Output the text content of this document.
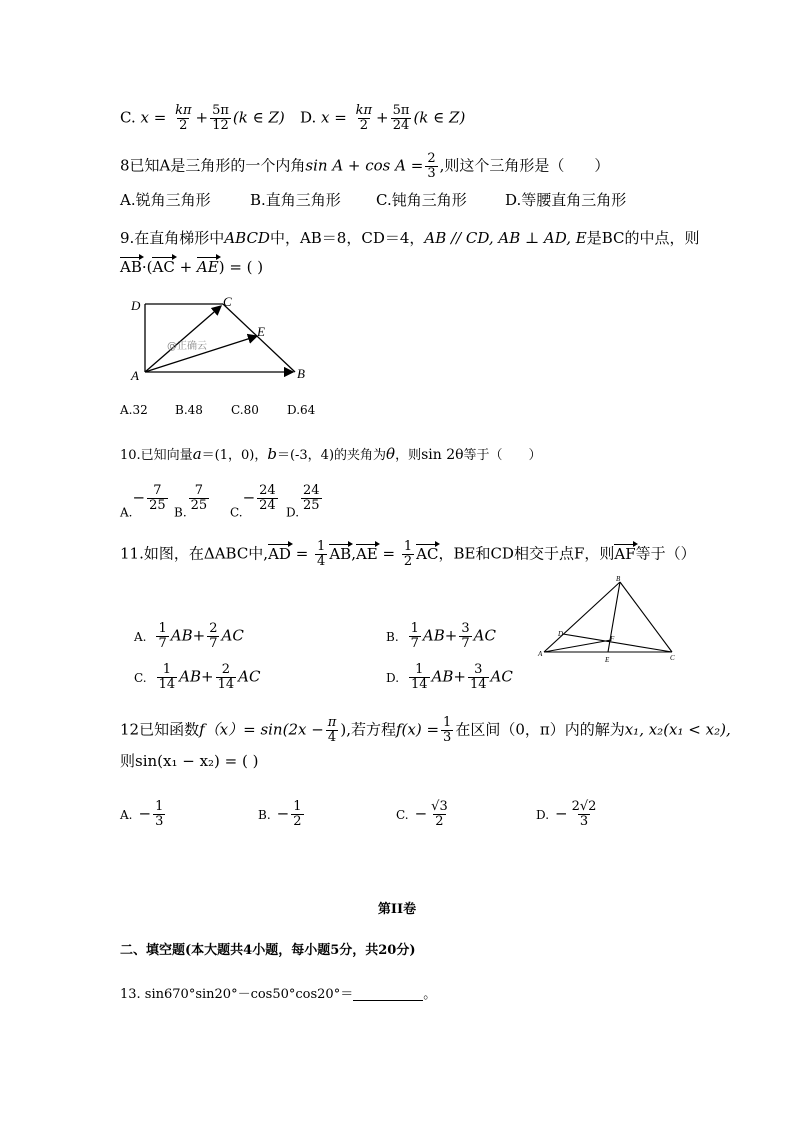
C. $x = \frac{k\pi}{2} + \frac{5\pi}{12} (k$ ∈ Z) D. $x = \frac{k\pi}{2} + \frac{5\pi}{24} (k$ ∈ Z)
8已知A是三角形的一个内角$\sin A + \cos A = \frac{2}{3}$ ,则这个三角形是（　　）
A.锐角三角形	B.直角三角形 C.钝角三角形	D.等腰直角三角形
9.在直角梯形中ABCD中，AB＝8，CD＝4，AB // CD, AB ⊥ AD, E是BC的中点，则
AB·(AC + AE) = ( )
D	C
E
A	B
@正确云
A.32 B.48 C.80 D.64
10.已知向量a＝(1，0)，b＝(-3，4)的夹角为θ，则sin 2θ等于（　　）
$_{A.}- \frac{7}{25} _{B.} \frac{7}{25} _{C.}- \frac{24}{24} _{D.} \frac{24}{25}$
11.如图，在ΔABC中$,AD = \frac{1}{4} AB,AE = \frac{1}{2}$ AC，BE和CD相交于点F，则AF等于（）
B
D
F
A
E	C
A. $\frac{1}{7} AB+ \frac{2}{7}$ AC	B. $\frac{1}{7} AB+ \frac{3}{7}$ AC
C. $\frac{1}{14} AB+ \frac{2}{14}$ AC	D. $\frac{1}{14} AB+ \frac{3}{14}$ AC
12已知函数$f(x)= \sin(2x - \frac{\pi}{4}$ ),若方程$f(x) = \frac{1}{3}$ 在区间（0，π）内的解为x₁, x₂(x₁ < x₂),
则sin(x₁ − x₂) = ( )
A. − $\frac{1}{3}$	B. − $\frac{1}{2}$	C. − $\frac{√3}{2}$	D. − $\frac{2√2}{3}$
第II卷
二、填空题(本大题共4小题，每小题5分，共20分)
13. sin670°sin20°－cos50°cos20°＝	。
